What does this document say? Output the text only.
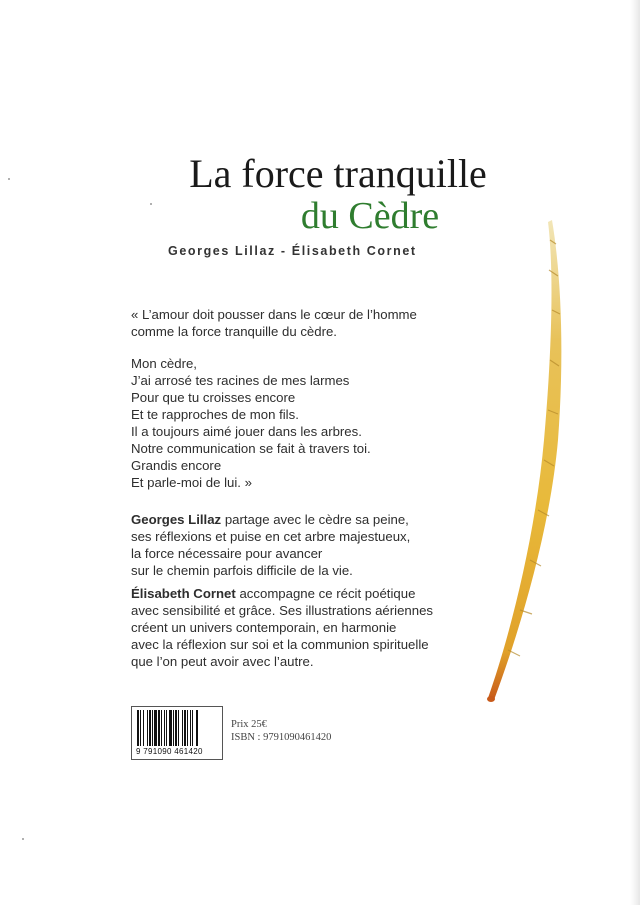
La force tranquille
du Cèdre
Georges Lillaz - Élisabeth Cornet

« L’amour doit pousser dans le cœur de l’homme

comme la force tranquille du cèdre.

Mon cèdre,

J’ai arrosé tes racines de mes larmes

Pour que tu croisses encore

Et te rapproches de mon fils.

Il a toujours aimé jouer dans les arbres.

Notre communication se fait à travers toi.

Grandis encore

Et parle-moi de lui. »

Georges Lillaz partage avec le cèdre sa peine,

ses réflexions et puise en cet arbre majestueux,

la force nécessaire pour avancer

sur le chemin parfois difficile de la vie.

Élisabeth Cornet accompagne ce récit poétique

avec sensibilité et grâce. Ses illustrations aériennes

créent un univers contemporain, en harmonie

avec la réflexion sur soi et la communion spirituelle

que l’on peut avoir avec l’autre.

9 791090 461420

Prix 25€

ISBN : 9791090461420
